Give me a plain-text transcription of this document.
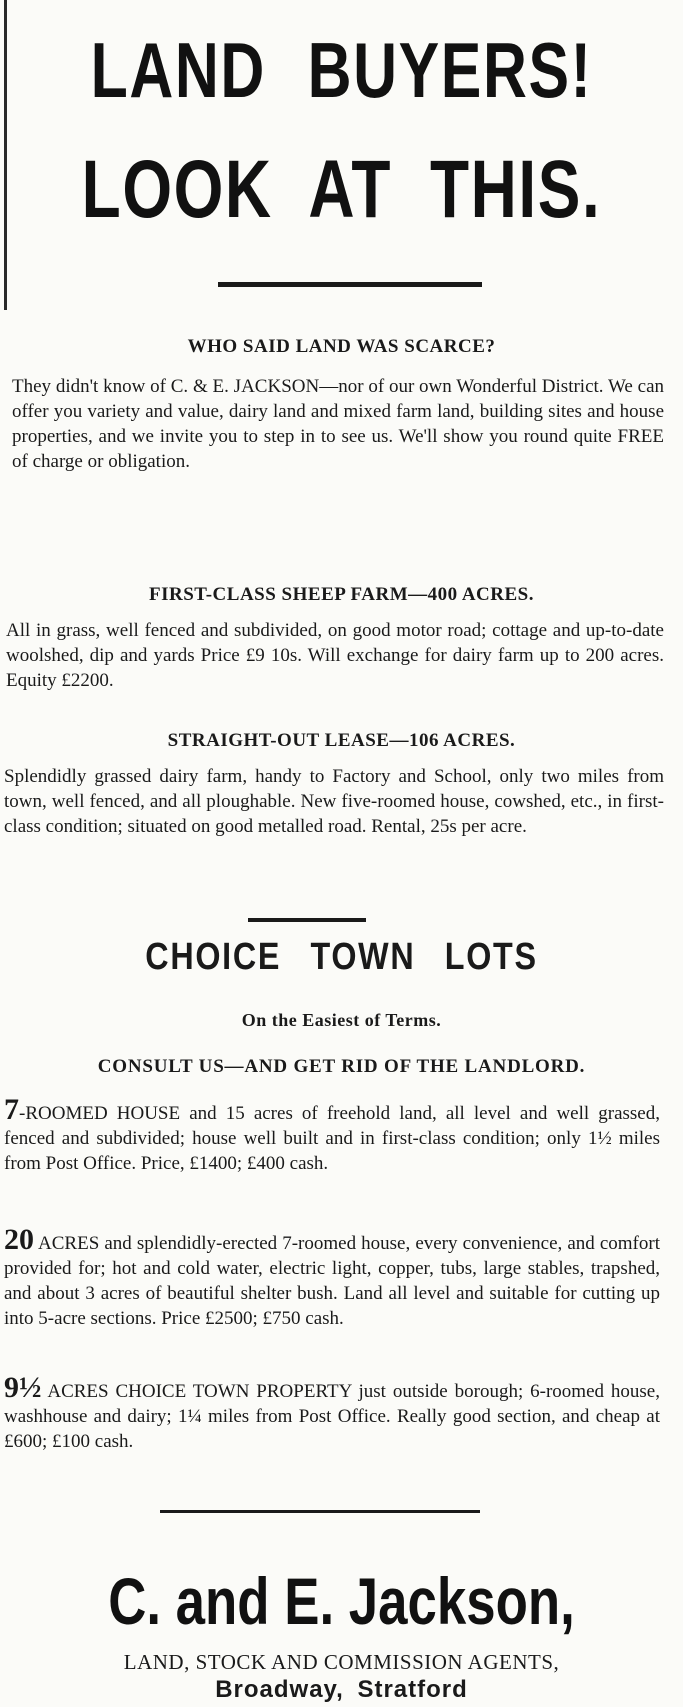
LAND BUYERS!
LOOK AT THIS.
WHO SAID LAND WAS SCARCE?

They didn't know of C. & E. JACKSON—nor of our own Wonderful District. We can offer you variety and value, dairy land and mixed farm land, building sites and house properties, and we invite you to step in to see us. We'll show you round quite FREE of charge or obligation.

FIRST-CLASS SHEEP FARM—400 ACRES.

All in grass, well fenced and subdivided, on good motor road; cottage and up-to-date woolshed, dip and yards Price £9 10s. Will exchange for dairy farm up to 200 acres. Equity £2200.

STRAIGHT-OUT LEASE—106 ACRES.

Splendidly grassed dairy farm, handy to Factory and School, only two miles from town, well fenced, and all ploughable. New five-roomed house, cowshed, etc., in first-class condition; situated on good metalled road. Rental, 25s per acre.

CHOICE TOWN LOTS
On the Easiest of Terms.
CONSULT US—AND GET RID OF THE LANDLORD.

7-ROOMED HOUSE and 15 acres of freehold land, all level and well grassed, fenced and subdivided; house well built and in first-class condition; only 1½ miles from Post Office. Price, £1400; £400 cash.

20 ACRES and splendidly-erected 7-roomed house, every convenience, and comfort provided for; hot and cold water, electric light, copper, tubs, large stables, trapshed, and about 3 acres of beautiful shelter bush. Land all level and suitable for cutting up into 5-acre sections. Price £2500; £750 cash.

9½ ACRES CHOICE TOWN PROPERTY just outside borough; 6-roomed house, washhouse and dairy; 1¼ miles from Post Office. Really good section, and cheap at £600; £100 cash.

C. and E. Jackson,
LAND, STOCK AND COMMISSION AGENTS,
Broadway, Stratford
